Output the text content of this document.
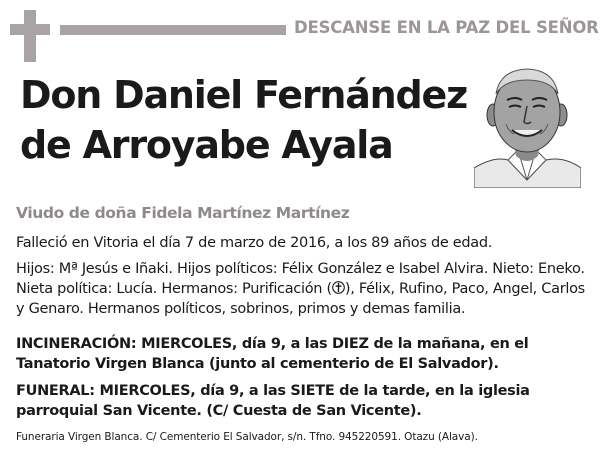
DESCANSE EN LA PAZ DEL SEÑOR
Don Daniel Fernández
de Arroyabe Ayala
Viudo de doña Fidela Martínez Martínez
Falleció en Vitoria el día 7 de marzo de 2016, a los 89 años de edad.
Hijos: Mª Jesús e Iñaki. Hijos políticos: Félix González e Isabel Alvira. Nieto: Eneko. Nieta política: Lucía. Hermanos: Purificación ( ), Félix, Rufino, Paco, Angel, Carlos y Genaro. Hermanos políticos, sobrinos, primos y demas familia.
INCINERACIÓN: MIERCOLES, día 9, a las DIEZ de la mañana, en el Tanatorio Virgen Blanca (junto al cementerio de El Salvador).
FUNERAL: MIERCOLES, día 9, a las SIETE de la tarde, en la iglesia parroquial San Vicente. (C/ Cuesta de San Vicente).
Funeraria Virgen Blanca. C/ Cementerio El Salvador, s/n. Tfno. 945220591. Otazu (Alava).
